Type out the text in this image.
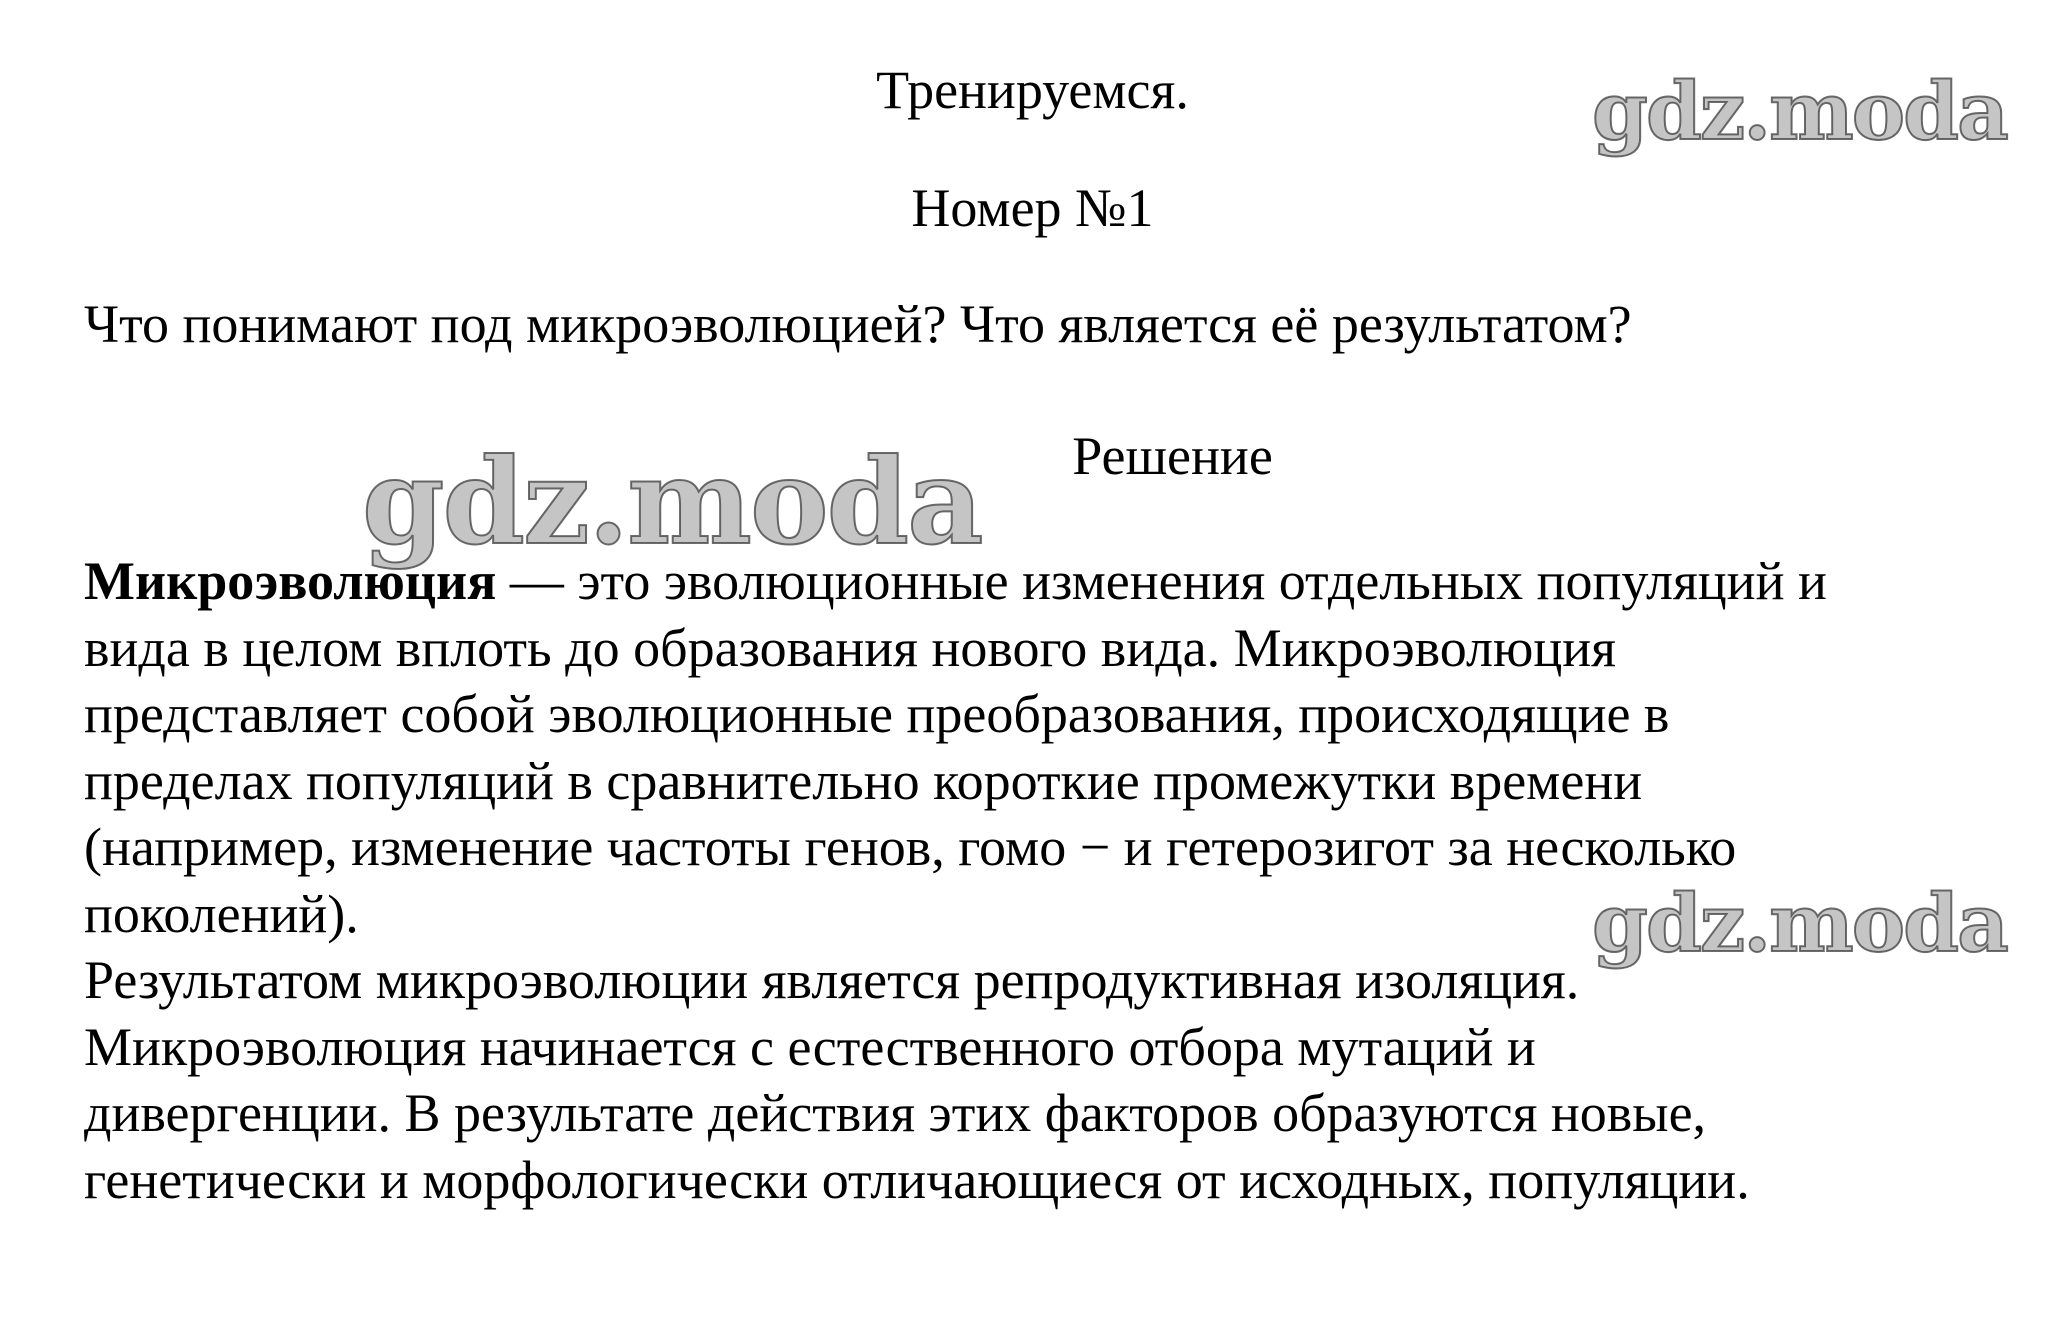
Тренируемся.
Номер №1

Что понимают под микроэволюцией? Что является её результатом?

Решение
Микроэволюция — это эволюционные изменения отдельных популяций и
вида в целом вплоть до образования нового вида. Микроэволюция
представляет собой эволюционные преобразования, происходящие в
пределах популяций в сравнительно короткие промежутки времени
(например, изменение частоты генов, гомо − и гетерозигот за несколько
поколений).
Результатом микроэволюции является репродуктивная изоляция.
Микроэволюция начинается с естественного отбора мутаций и
дивергенции. В результате действия этих факторов образуются новые,
генетически и морфологически отличающиеся от исходных, популяции.
gdz.moda
gdz.moda
gdz.moda
